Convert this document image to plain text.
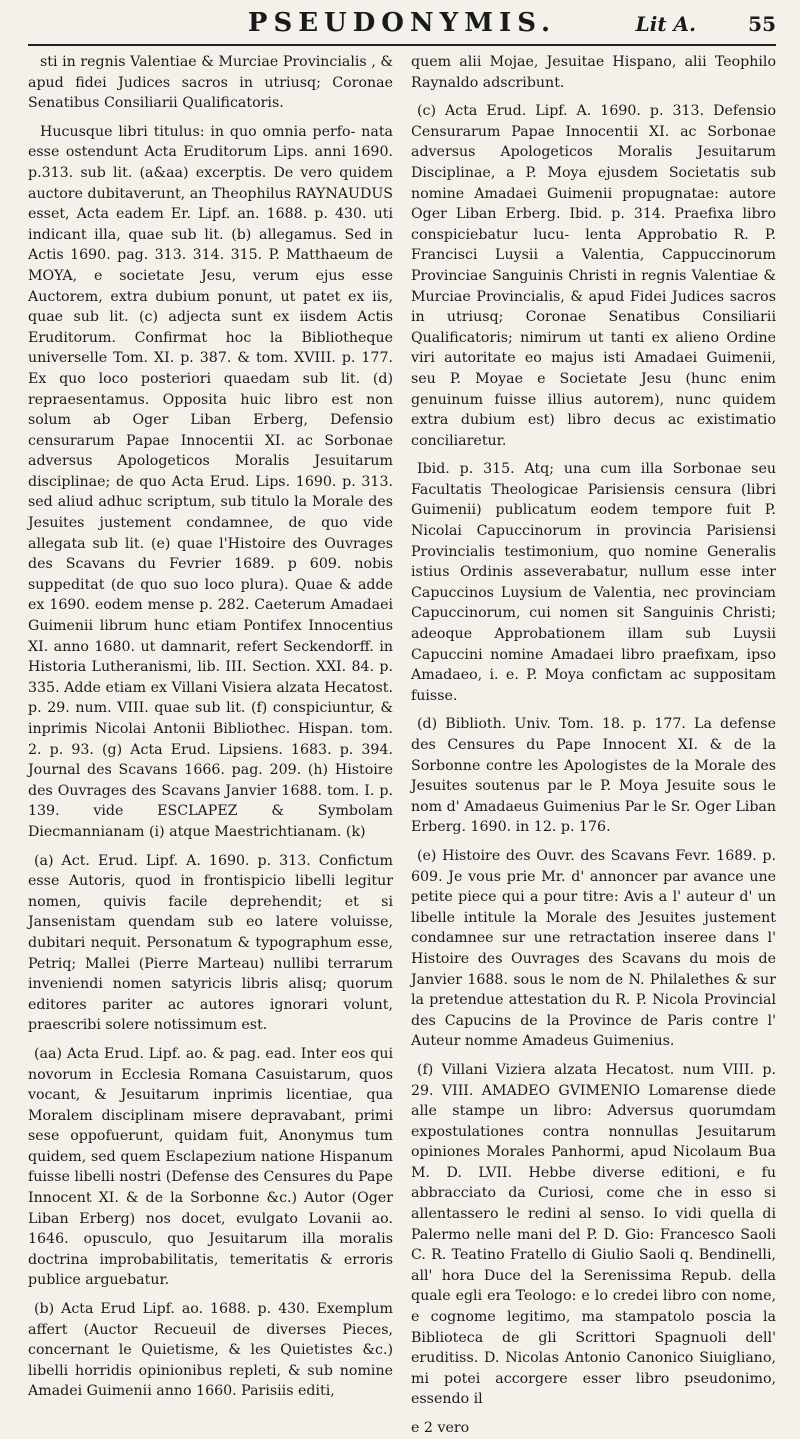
PSEUDONYMIS.	Lit A.	55

sti in regnis Valentiae & Murciae Provincialis , & apud fidei Judices sacros in utriusq; Coronae Senatibus Consiliarii Qualificatoris.

Hucusque libri titulus: in quo omnia perfo- nata esse ostendunt Acta Eruditorum Lips. anni 1690. p.313. sub lit. (a&aa) excerptis. De vero quidem auctore dubitaverunt, an Theophilus RAYNAUDUS esset, Acta eadem Er. Lipf. an. 1688. p. 430. uti indicant illa, quae sub lit. (b) allegamus. Sed in Actis 1690. pag. 313. 314. 315. P. Matthaeum de MOYA, e societate Jesu, verum ejus esse Auctorem, extra dubium ponunt, ut patet ex iis, quae sub lit. (c) adjecta sunt ex iisdem Actis Eruditorum. Confirmat hoc la Bibliotheque universelle Tom. XI. p. 387. & tom. XVIII. p. 177. Ex quo loco posteriori quaedam sub lit. (d) repraesentamus. Opposita huic libro est non solum ab Oger Liban Erberg, Defensio censurarum Papae Innocentii XI. ac Sorbonae adversus Apologeticos Moralis Jesuitarum disciplinae; de quo Acta Erud. Lips. 1690. p. 313. sed aliud adhuc scriptum, sub titulo la Morale des Jesuites justement condamnee, de quo vide allegata sub lit. (e) quae l'Histoire des Ouvrages des Scavans du Fevrier 1689. p 609. nobis suppeditat (de quo suo loco plura). Quae & adde ex 1690. eodem mense p. 282. Caeterum Amadaei Guimenii librum hunc etiam Pontifex Innocentius XI. anno 1680. ut damnarit, refert Seckendorff. in Historia Lutheranismi, lib. III. Section. XXI. 84. p. 335. Adde etiam ex Villani Visiera alzata Hecatost. p. 29. num. VIII. quae sub lit. (f) conspiciuntur, & inprimis Nicolai Antonii Bibliothec. Hispan. tom. 2. p. 93. (g) Acta Erud. Lipsiens. 1683. p. 394. Journal des Scavans 1666. pag. 209. (h) Histoire des Ouvrages des Scavans Janvier 1688. tom. I. p. 139. vide ESCLAPEZ & Symbolam Diecmannianam (i) atque Maestrichtianam. (k)

(a) Act. Erud. Lipf. A. 1690. p. 313. Confictum esse Autoris, quod in frontispicio libelli legitur nomen, quivis facile deprehendit; et si Jansenistam quendam sub eo latere voluisse, dubitari nequit. Personatum & typographum esse, Petriq; Mallei (Pierre Marteau) nullibi terrarum inveniendi nomen satyricis libris alisq; quorum editores pariter ac autores ignorari volunt, praescribi solere notissimum est.

(aa) Acta Erud. Lipf. ao. & pag. ead. Inter eos qui novorum in Ecclesia Romana Casuistarum, quos vocant, & Jesuitarum inprimis licentiae, qua Moralem disciplinam misere depravabant, primi sese oppofuerunt, quidam fuit, Anonymus tum quidem, sed quem Esclapezium natione Hispanum fuisse libelli nostri (Defense des Censures du Pape Innocent XI. & de la Sorbonne &c.) Autor (Oger Liban Erberg) nos docet, evulgato Lovanii ao. 1646. opusculo, quo Jesuitarum illa moralis doctrina improbabilitatis, temeritatis & erroris publice arguebatur.

(b) Acta Erud Lipf. ao. 1688. p. 430. Exemplum affert (Auctor Recueuil de diverses Pieces, concernant le Quietisme, & les Quietistes &c.) libelli horridis opinionibus repleti, & sub nomine Amadei Guimenii anno 1660. Parisiis editi,

quem alii Mojae, Jesuitae Hispano, alii Teophilo Raynaldo adscribunt.

(c) Acta Erud. Lipf. A. 1690. p. 313. Defensio Censurarum Papae Innocentii XI. ac Sorbonae adversus Apologeticos Moralis Jesuitarum Disciplinae, a P. Moya ejusdem Societatis sub nomine Amadaei Guimenii propugnatae: autore Oger Liban Erberg. Ibid. p. 314. Praefixa libro conspiciebatur lucu- lenta Approbatio R. P. Francisci Luysii a Valentia, Cappuccinorum Provinciae Sanguinis Christi in regnis Valentiae & Murciae Provincialis, & apud Fidei Judices sacros in utriusq; Coronae Senatibus Consiliarii Qualificatoris; nimirum ut tanti ex alieno Ordine viri autoritate eo majus isti Amadaei Guimenii, seu P. Moyae e Societate Jesu (hunc enim genuinum fuisse illius autorem), nunc quidem extra dubium est) libro decus ac existimatio conciliaretur.

Ibid. p. 315. Atq; una cum illa Sorbonae seu Facultatis Theologicae Parisiensis censura (libri Guimenii) publicatum eodem tempore fuit P. Nicolai Capuccinorum in provincia Parisiensi Provincialis testimonium, quo nomine Generalis istius Ordinis asseverabatur, nullum esse inter Capuccinos Luysium de Valentia, nec provinciam Capuccinorum, cui nomen sit Sanguinis Christi; adeoque Approbationem illam sub Luysii Capuccini nomine Amadaei libro praefixam, ipso Amadaeo, i. e. P. Moya confictam ac suppositam fuisse.

(d) Biblioth. Univ. Tom. 18. p. 177. La defense des Censures du Pape Innocent XI. & de la Sorbonne contre les Apologistes de la Morale des Jesuites soutenus par le P. Moya Jesuite sous le nom d' Amadaeus Guimenius Par le Sr. Oger Liban Erberg. 1690. in 12. p. 176.

(e) Histoire des Ouvr. des Scavans Fevr. 1689. p. 609. Je vous prie Mr. d' annoncer par avance une petite piece qui a pour titre: Avis a l' auteur d' un libelle intitule la Morale des Jesuites justement condamnee sur une retractation inseree dans l' Histoire des Ouvrages des Scavans du mois de Janvier 1688. sous le nom de N. Philalethes & sur la pretendue attestation du R. P. Nicola Provincial des Capucins de la Province de Paris contre l' Auteur nomme Amadeus Guimenius.

(f) Villani Viziera alzata Hecatost. num VIII. p. 29. VIII. AMADEO GVIMENIO Lomarense diede alle stampe un libro: Adversus quorumdam expostulationes contra nonnullas Jesuitarum opiniones Morales Panhormi, apud Nicolaum Bua M. D. LVII. Hebbe diverse editioni, e fu abbracciato da Curiosi, come che in esso si allentassero le redini al senso. Io vidi quella di Palermo nelle mani del P. D. Gio: Francesco Saoli C. R. Teatino Fratello di Giulio Saoli q. Bendinelli, all' hora Duce del la Serenissima Repub. della quale egli era Teologo: e lo credei libro con nome, e cognome legitimo, ma stampatolo poscia la Biblioteca de gli Scrittori Spagnuoli dell' eruditiss. D. Nicolas Antonio Canonico Siuigliano, mi potei accorgere esser libro pseudonimo, essendo il

e 2 vero
